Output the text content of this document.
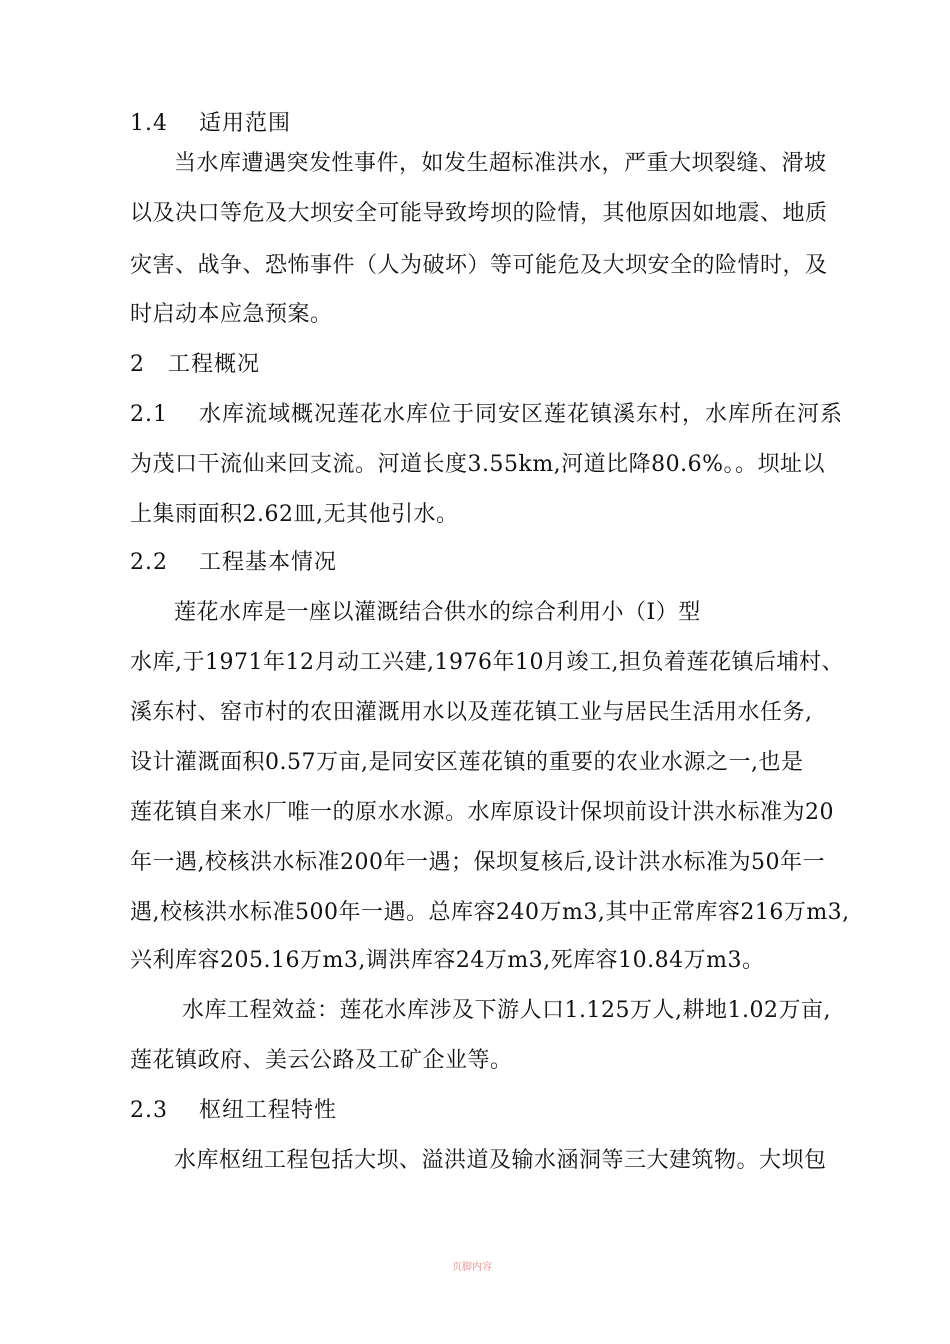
1.4　 适用范围
当水库遭遇突发性事件，如发生超标准洪水，严重大坝裂缝、滑坡
以及决口等危及大坝安全可能导致垮坝的险情，其他原因如地震、地质
灾害、战争、恐怖事件（人为破坏）等可能危及大坝安全的险情时，及
时启动本应急预案。
2　工程概况
2.1　 水库流域概况莲花水库位于同安区莲花镇溪东村，水库所在河系
为茂口干流仙来回支流。河道长度3.55km,河道比降80.6%。。坝址以
上集雨面积2.62皿,无其他引水。
2.2　 工程基本情况
莲花水库是一座以灌溉结合供水的综合利用小（I）型
水库,于1971年12月动工兴建,1976年10月竣工,担负着莲花镇后埔村、
溪东村、窑市村的农田灌溉用水以及莲花镇工业与居民生活用水任务,
设计灌溉面积0.57万亩,是同安区莲花镇的重要的农业水源之一,也是
莲花镇自来水厂唯一的原水水源。水库原设计保坝前设计洪水标准为20
年一遇,校核洪水标准200年一遇；保坝复核后,设计洪水标准为50年一
遇,校核洪水标准500年一遇。总库容240万m3,其中正常库容216万m3,
兴利库容205.16万m3,调洪库容24万m3,死库容10.84万m3。
水库工程效益：莲花水库涉及下游人口1.125万人,耕地1.02万亩,
莲花镇政府、美云公路及工矿企业等。
2.3　 枢纽工程特性
水库枢纽工程包括大坝、溢洪道及输水涵洞等三大建筑物。大坝包
页脚内容
